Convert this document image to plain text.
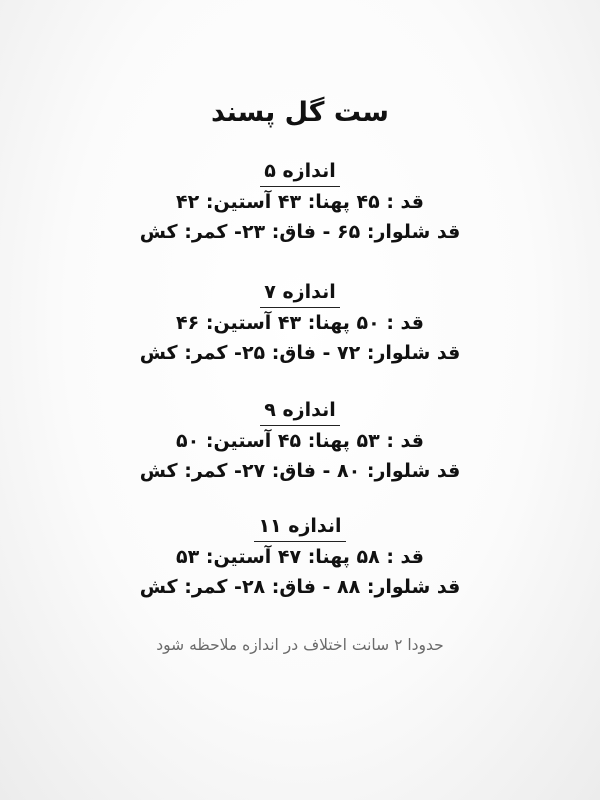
ست گل پسند
اندازه ۵
قد : ۴۵ پهنا: ۴۳ آستین: ۴۲
قد شلوار: ۶۵ - فاق: ۲۳- کمر: کش
اندازه ۷
قد : ۵۰ پهنا: ۴۳ آستین: ۴۶
قد شلوار: ۷۲ - فاق: ۲۵- کمر: کش
اندازه ۹
قد : ۵۳ پهنا: ۴۵ آستین: ۵۰
قد شلوار: ۸۰ - فاق: ۲۷- کمر: کش
اندازه ۱۱
قد : ۵۸ پهنا: ۴۷ آستین: ۵۳
قد شلوار: ۸۸ - فاق: ۲۸- کمر: کش
حدودا ۲ سانت اختلاف در اندازه ملاحظه شود
